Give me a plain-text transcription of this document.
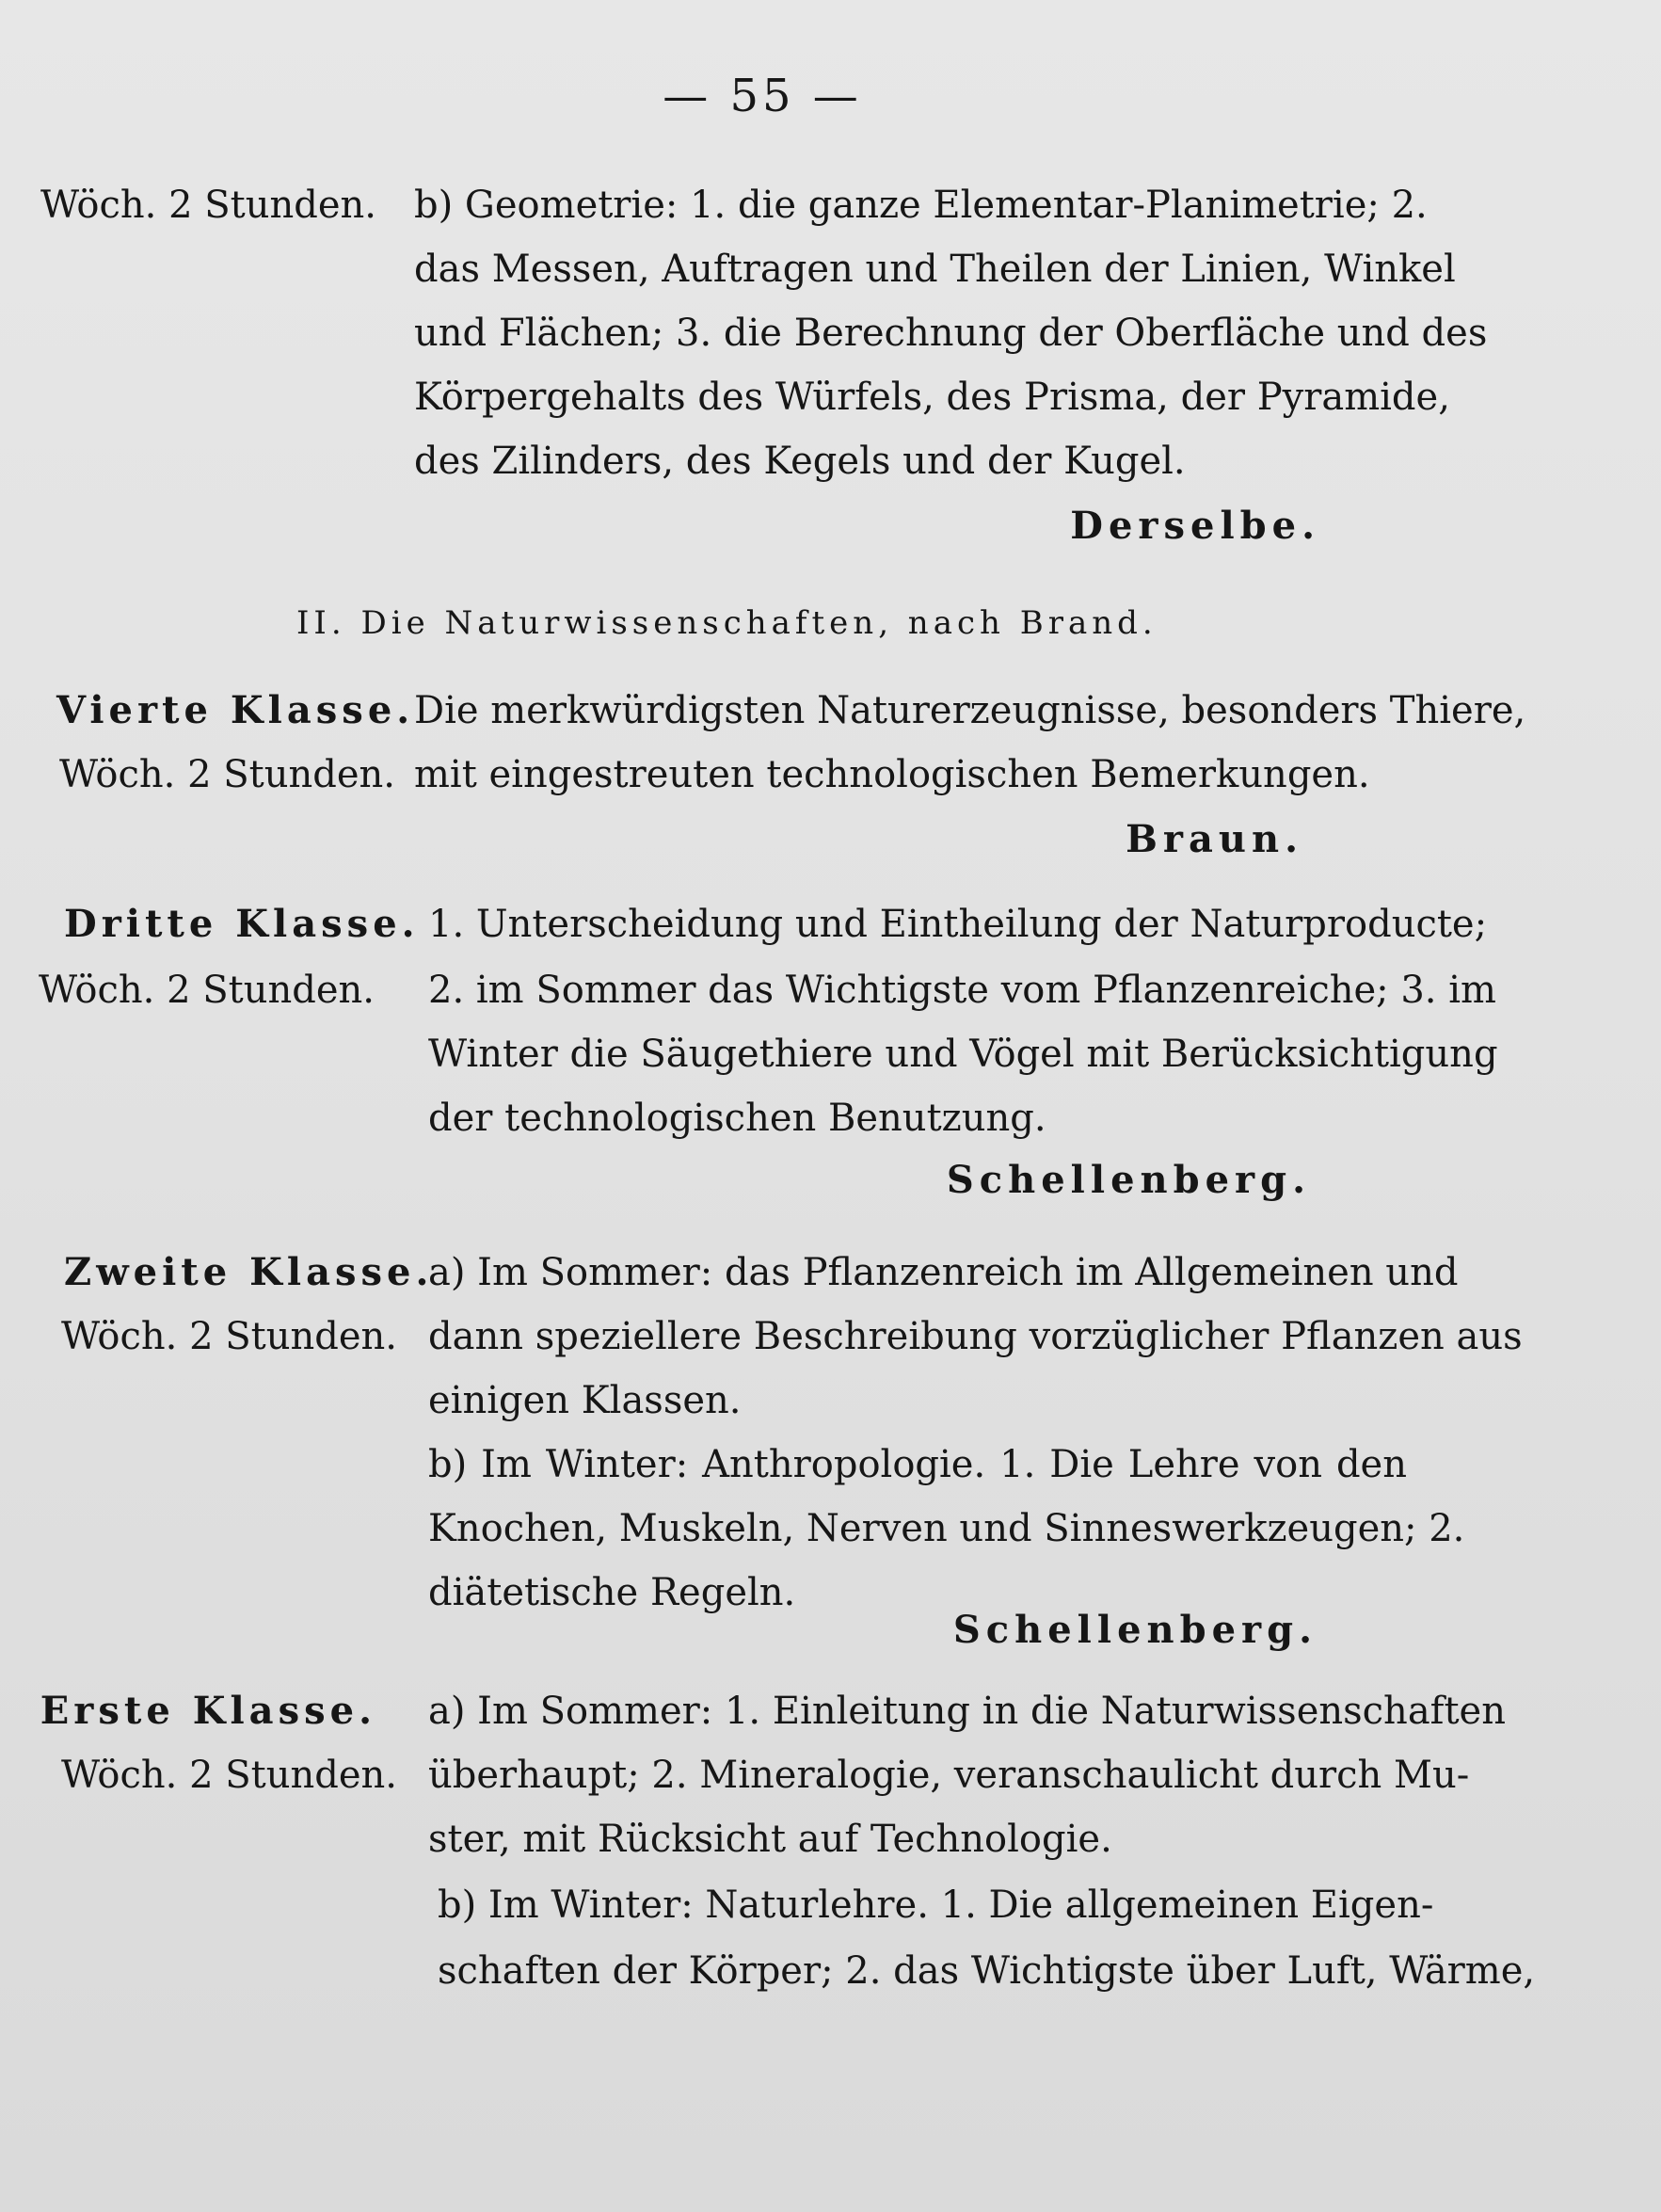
— 55 —
Wöch. 2 Stunden. b) Geometrie: 1. die ganze Elementar-Planimetrie; 2.
das Messen, Auftragen und Theilen der Linien, Winkel
und Flächen; 3. die Berechnung der Oberfläche und des
Körpergehalts des Würfels, des Prisma, der Pyramide,
des Zilinders, des Kegels und der Kugel.
Derselbe.
II. Die Naturwissenschaften, nach Brand.
Vierte Klasse.
Wöch. 2 Stunden.
Die merkwürdigsten Naturerzeugnisse, besonders Thiere,
mit eingestreuten technologischen Bemerkungen.
Braun.
Dritte Klasse.
Wöch. 2 Stunden.
1. Unterscheidung und Eintheilung der Naturproducte;
2. im Sommer das Wichtigste vom Pflanzenreiche; 3. im
Winter die Säugethiere und Vögel mit Berücksichtigung
der technologischen Benutzung.
Schellenberg.
Zweite Klasse.
Wöch. 2 Stunden.
a) Im Sommer: das Pflanzenreich im Allgemeinen und
dann speziellere Beschreibung vorzüglicher Pflanzen aus
einigen Klassen.
b) Im Winter: Anthropologie. 1. Die Lehre von den
Knochen, Muskeln, Nerven und Sinneswerkzeugen; 2.
diätetische Regeln.
Schellenberg.
Erste Klasse.
Wöch. 2 Stunden.
a) Im Sommer: 1. Einleitung in die Naturwissenschaften
überhaupt; 2. Mineralogie, veranschaulicht durch Mu-
ster, mit Rücksicht auf Technologie.
b) Im Winter: Naturlehre. 1. Die allgemeinen Eigen-
schaften der Körper; 2. das Wichtigste über Luft, Wärme,
